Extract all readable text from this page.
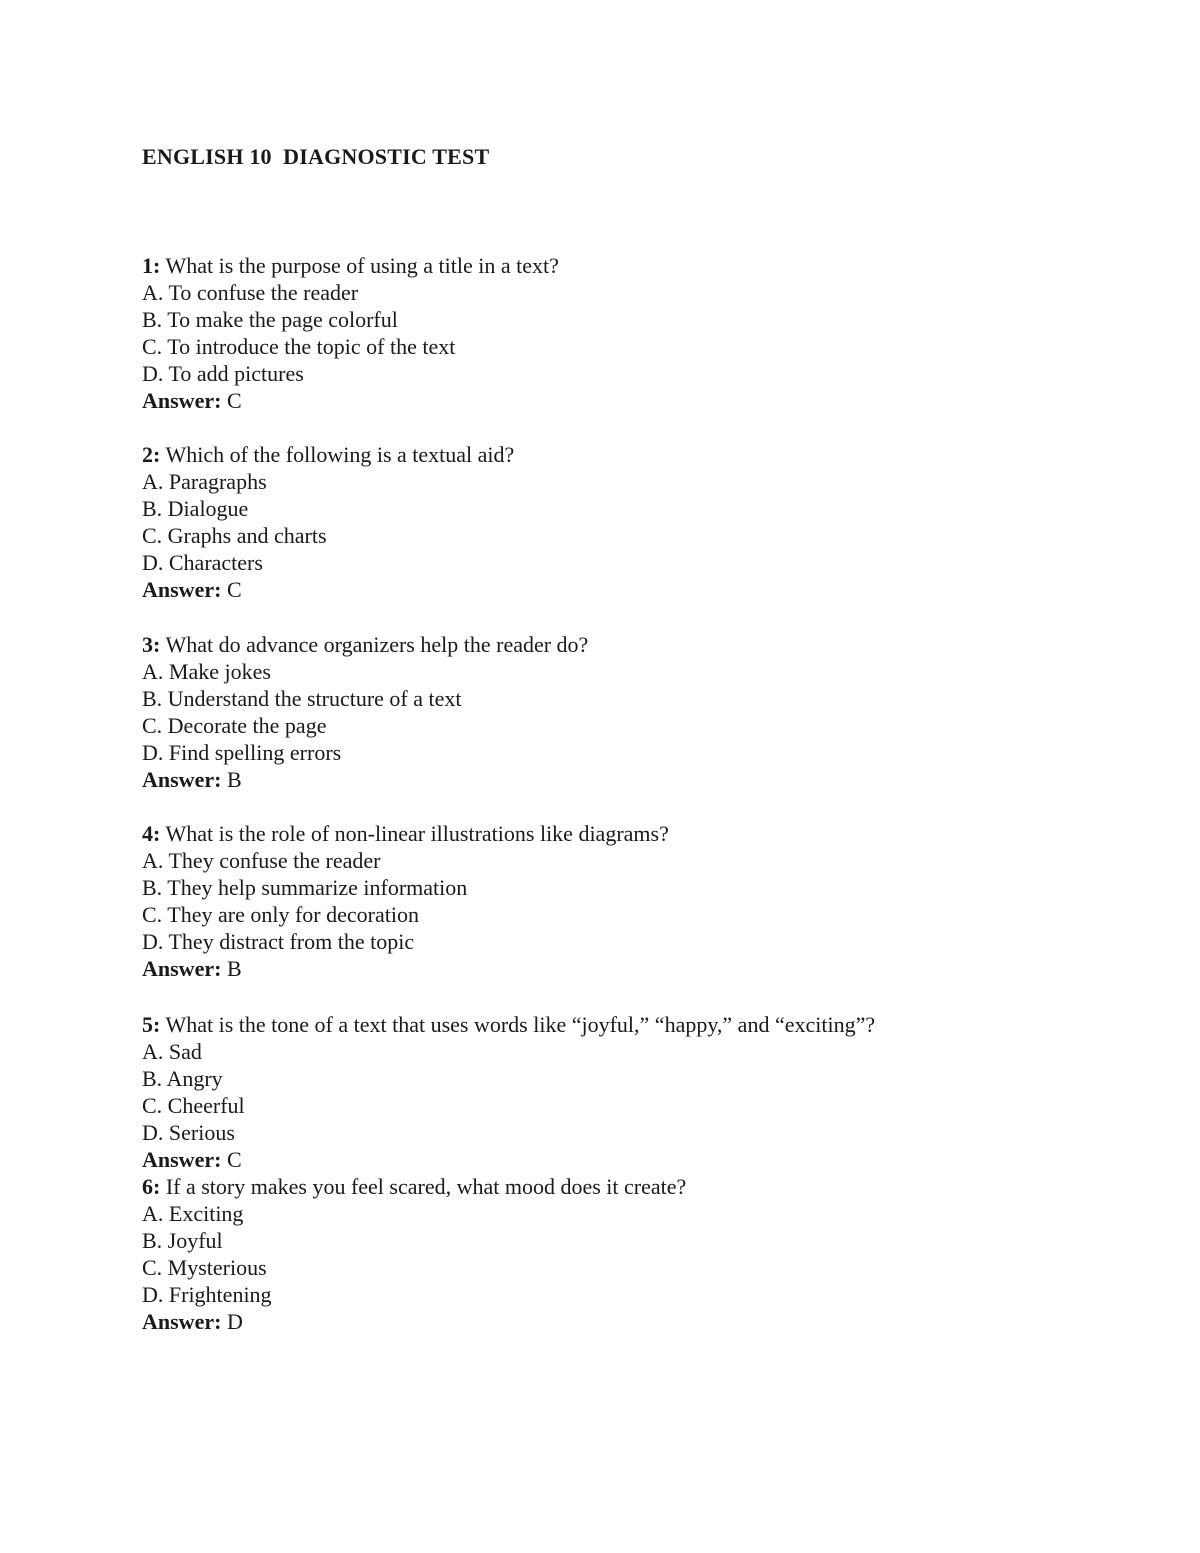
ENGLISH 10  DIAGNOSTIC TEST
1: What is the purpose of using a title in a text?
A. To confuse the reader
B. To make the page colorful
C. To introduce the topic of the text
D. To add pictures
Answer: C
2: Which of the following is a textual aid?
A. Paragraphs
B. Dialogue
C. Graphs and charts
D. Characters
Answer: C
3: What do advance organizers help the reader do?
A. Make jokes
B. Understand the structure of a text
C. Decorate the page
D. Find spelling errors
Answer: B
4: What is the role of non-linear illustrations like diagrams?
A. They confuse the reader
B. They help summarize information
C. They are only for decoration
D. They distract from the topic
Answer: B
5: What is the tone of a text that uses words like “joyful,” “happy,” and “exciting”?
A. Sad
B. Angry
C. Cheerful
D. Serious
Answer: C
6: If a story makes you feel scared, what mood does it create?
A. Exciting
B. Joyful
C. Mysterious
D. Frightening
Answer: D
